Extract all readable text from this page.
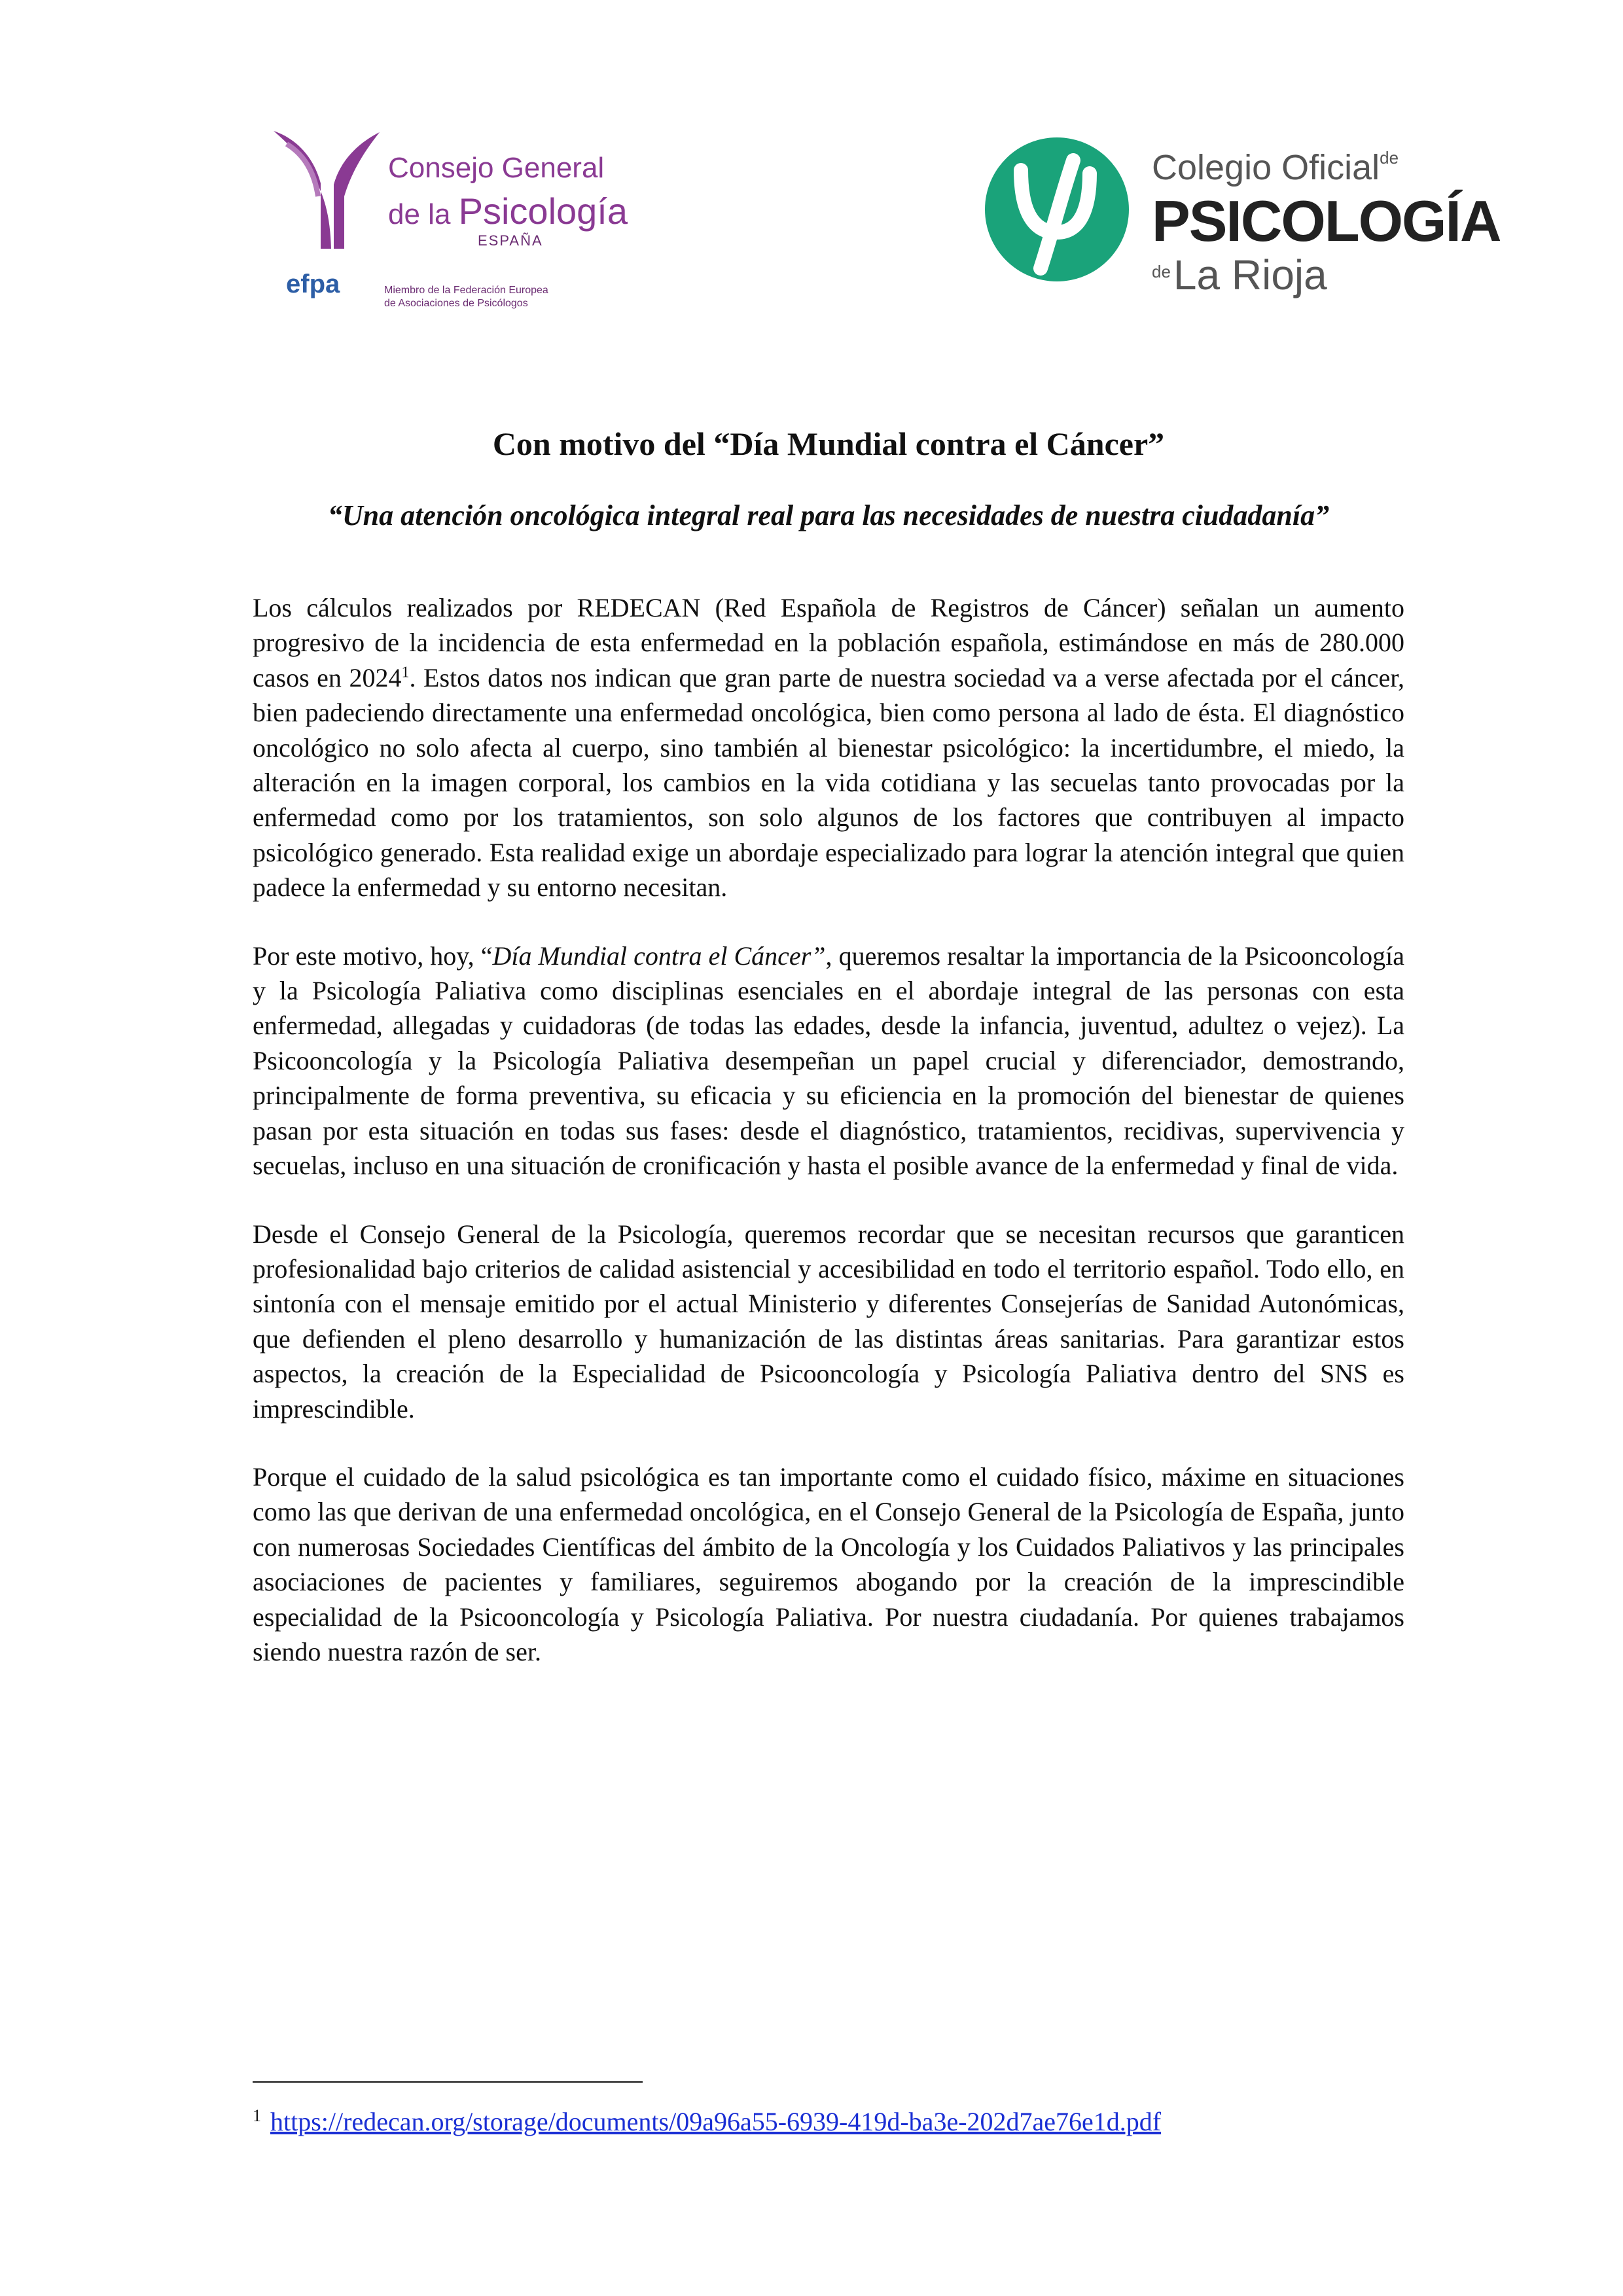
Consejo General
de la Psicología
ESPAÑA
efpa	Miembro de la Federación Europea
de Asociaciones de Psicólogos
Colegio Oficial$^{de}$
PSICOLOGÍA
$^{de}$La Rioja
Con motivo del “Día Mundial contra el Cáncer”
“Una atención oncológica integral real para las necesidades de nuestra ciudadanía”

Los cálculos realizados por REDECAN (Red Española de Registros de Cáncer) señalan un aumento progresivo de la incidencia de esta enfermedad en la población española, estimándose en más de 280.000 casos en 2024$^1$. Estos datos nos indican que gran parte de nuestra sociedad va a verse afectada por el cáncer, bien padeciendo directamente una enfermedad oncológica, bien como persona al lado de ésta. El diagnóstico oncológico no solo afecta al cuerpo, sino también al bienestar psicológico: la incertidumbre, el miedo, la alteración en la imagen corporal, los cambios en la vida cotidiana y las secuelas tanto provocadas por la enfermedad como por los tratamientos, son solo algunos de los factores que contribuyen al impacto psicológico generado. Esta realidad exige un abordaje especializado para lograr la atención integral que quien padece la enfermedad y su entorno necesitan.

Por este motivo, hoy, “Día Mundial contra el Cáncer”, queremos resaltar la importancia de la Psicooncología y la Psicología Paliativa como disciplinas esenciales en el abordaje integral de las personas con esta enfermedad, allegadas y cuidadoras (de todas las edades, desde la infancia, juventud, adultez o vejez). La Psicooncología y la Psicología Paliativa desempeñan un papel crucial y diferenciador, demostrando, principalmente de forma preventiva, su eficacia y su eficiencia en la promoción del bienestar de quienes pasan por esta situación en todas sus fases: desde el diagnóstico, tratamientos, recidivas, supervivencia y secuelas, incluso en una situación de cronificación y hasta el posible avance de la enfermedad y final de vida.

Desde el Consejo General de la Psicología, queremos recordar que se necesitan recursos que garanticen profesionalidad bajo criterios de calidad asistencial y accesibilidad en todo el territorio español. Todo ello, en sintonía con el mensaje emitido por el actual Ministerio y diferentes Consejerías de Sanidad Autonómicas, que defienden el pleno desarrollo y humanización de las distintas áreas sanitarias. Para garantizar estos aspectos, la creación de la Especialidad de Psicooncología y Psicología Paliativa dentro del SNS es imprescindible.

Porque el cuidado de la salud psicológica es tan importante como el cuidado físico, máxime en situaciones como las que derivan de una enfermedad oncológica, en el Consejo General de la Psicología de España, junto con numerosas Sociedades Científicas del ámbito de la Oncología y los Cuidados Paliativos y las principales asociaciones de pacientes y familiares, seguiremos abogando por la creación de la imprescindible especialidad de la Psicooncología y Psicología Paliativa. Por nuestra ciudadanía. Por quienes trabajamos siendo nuestra razón de ser.

$^1$ https://redecan.org/storage/documents/09a96a55-6939-419d-ba3e-202d7ae76e1d.pdf
